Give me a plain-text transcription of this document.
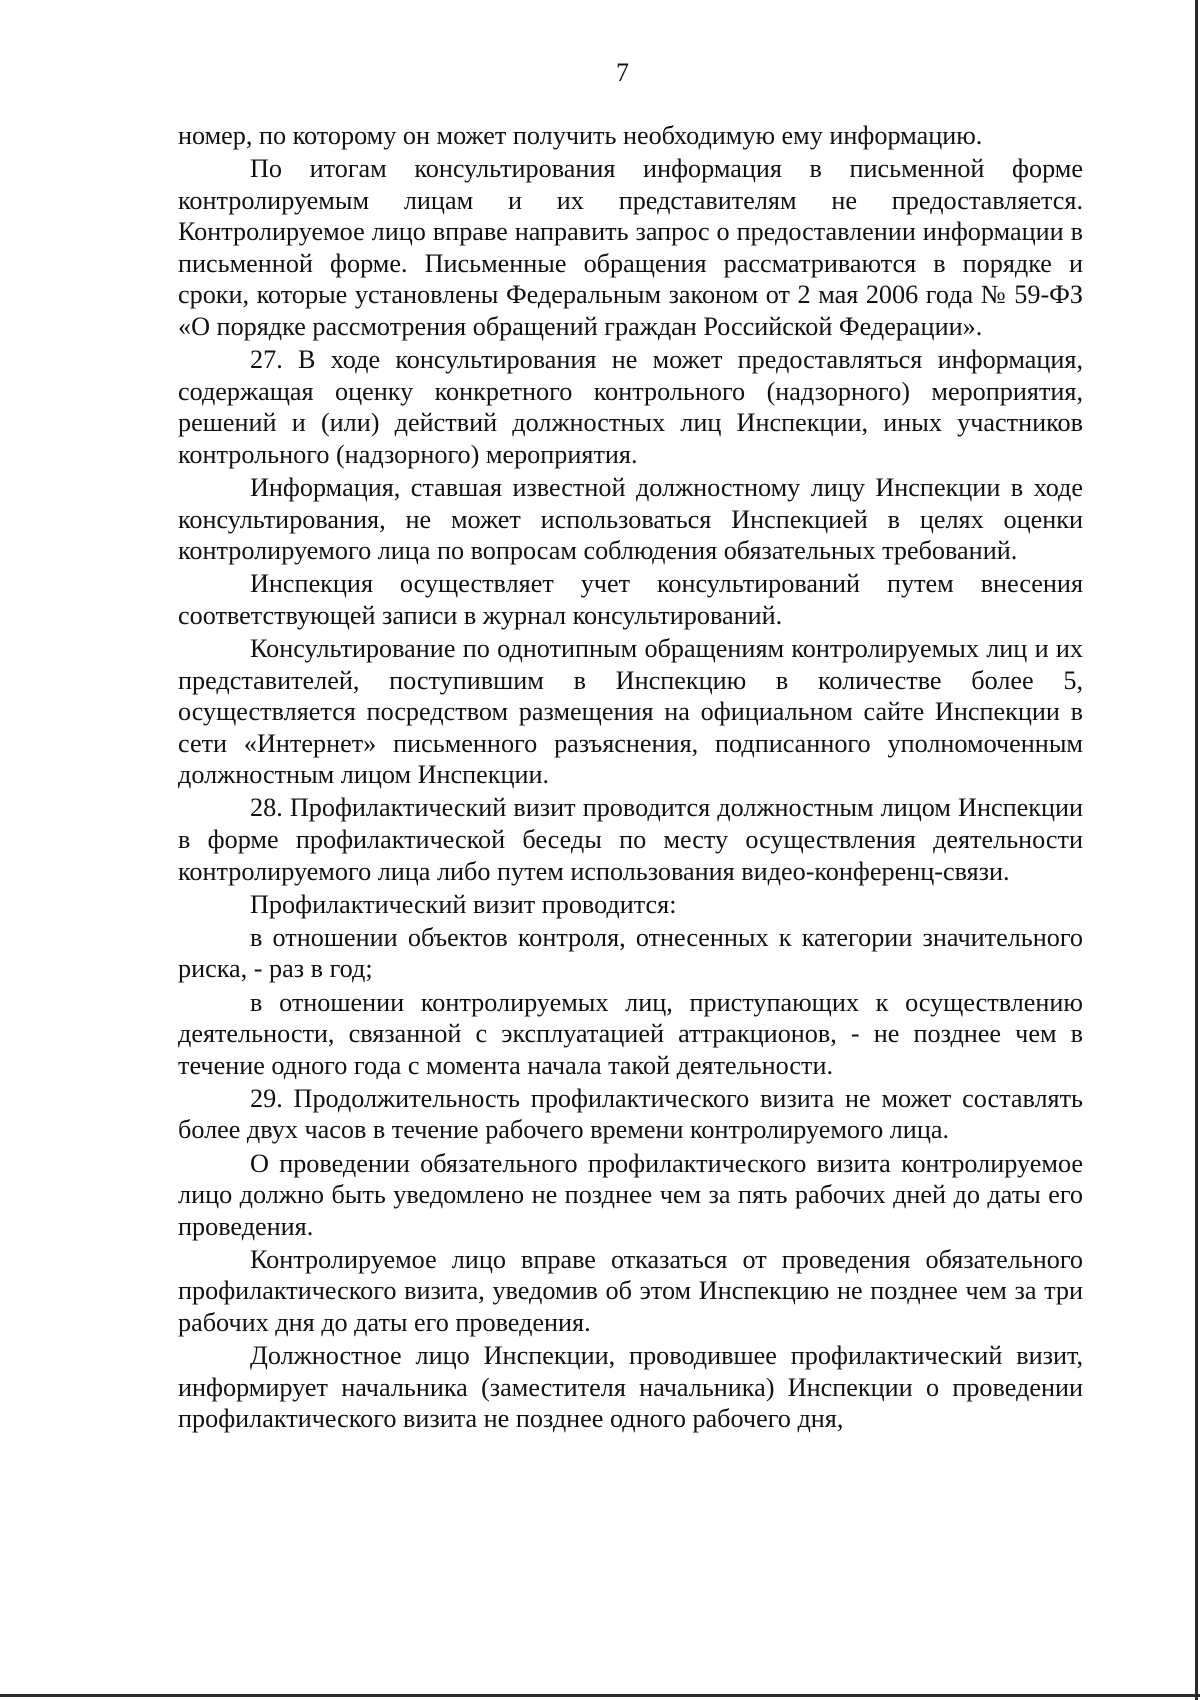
7

номер, по которому он может получить необходимую ему информацию.

По итогам консультирования информация в письменной форме контролируемым лицам и их представителям не предоставляется. Контролируемое лицо вправе направить запрос о предоставлении информации в письменной форме. Письменные обращения рассматриваются в порядке и сроки, которые установлены Федеральным законом от 2 мая 2006 года № 59-ФЗ «О порядке рассмотрения обращений граждан Российской Федерации».

27. В ходе консультирования не может предоставляться информация, содержащая оценку конкретного контрольного (надзорного) мероприятия, решений и (или) действий должностных лиц Инспекции, иных участников контрольного (надзорного) мероприятия.

Информация, ставшая известной должностному лицу Инспекции в ходе консультирования, не может использоваться Инспекцией в целях оценки контролируемого лица по вопросам соблюдения обязательных требований.

Инспекция осуществляет учет консультирований путем внесения соответствующей записи в журнал консультирований.

Консультирование по однотипным обращениям контролируемых лиц и их представителей, поступившим в Инспекцию в количестве более 5, осуществляется посредством размещения на официальном сайте Инспекции в сети «Интернет» письменного разъяснения, подписанного уполномоченным должностным лицом Инспекции.

28. Профилактический визит проводится должностным лицом Инспекции в форме профилактической беседы по месту осуществления деятельности контролируемого лица либо путем использования видео-конференц-связи.

Профилактический визит проводится:

в отношении объектов контроля, отнесенных к категории значительного риска, - раз в год;

в отношении контролируемых лиц, приступающих к осуществлению деятельности, связанной с эксплуатацией аттракционов, - не позднее чем в течение одного года с момента начала такой деятельности.

29. Продолжительность профилактического визита не может составлять более двух часов в течение рабочего времени контролируемого лица.

О проведении обязательного профилактического визита контролируемое лицо должно быть уведомлено не позднее чем за пять рабочих дней до даты его проведения.

Контролируемое лицо вправе отказаться от проведения обязательного профилактического визита, уведомив об этом Инспекцию не позднее чем за три рабочих дня до даты его проведения.

Должностное лицо Инспекции, проводившее профилактический визит, информирует начальника (заместителя начальника) Инспекции о проведении профилактического визита не позднее одного рабочего дня,
